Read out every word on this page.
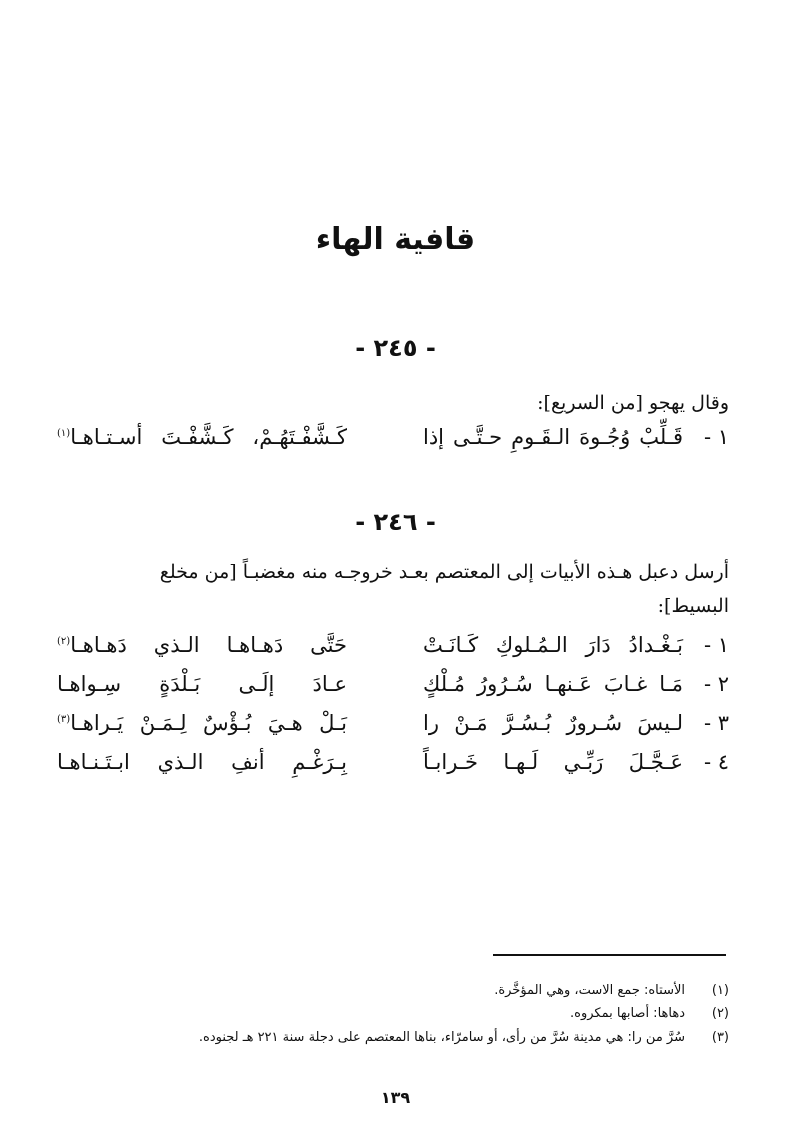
قافية الهاء
- ٢٤٥ -
وقال يهجو [من السريع]:
١ -
قَـلِّبْ وُجُـوهَ الـقَـومِ حـتَّـى إذا
كَـشَّفْـتَهُـمْ، كَـشَّفْـتَ أسـتـاهـا$^{(١)}$
- ٢٤٦ -
أرسل دعبل هـذه الأبيات إلى المعتصم بعـد خروجـه منه مغضبـاً [من مخلع
البسيط]:
١ -
بَـغْـدادُ دَارَ الـمُـلوكِ كَـانَـتْ
حَتَّى دَهـاهـا الـذي دَهـاهـا$^{(٢)}$
٢ -
مَـا غـابَ عَـنهـا سُـرُورُ مُـلْكٍ
عـادَ إلَـى بَـلْدَةٍ سِـواهـا
٣ -
لـيسَ سُـرورٌ بُـسُـرَّ مَـنْ را
بَـلْ هـيَ بُـؤْسٌ لِـمَـنْ يَـراهـا$^{(٣)}$
٤ -
عَـجَّـلَ رَبِّـي لَـهـا خَـرابـاً
بِـرَغْـمِ أنفِ الـذي ابـتَـنـاهـا
(١)
الأستاه: جمع الاست، وهي المؤخَّرة.
(٢)
دهاها: أصابها بمكروه.
(٣)
سُرَّ من را: هي مدينة سُرَّ من رأى، أو سامرّاء، بناها المعتصم على دجلة سنة ٢٢١ هـ لجنوده.
١٣٩
